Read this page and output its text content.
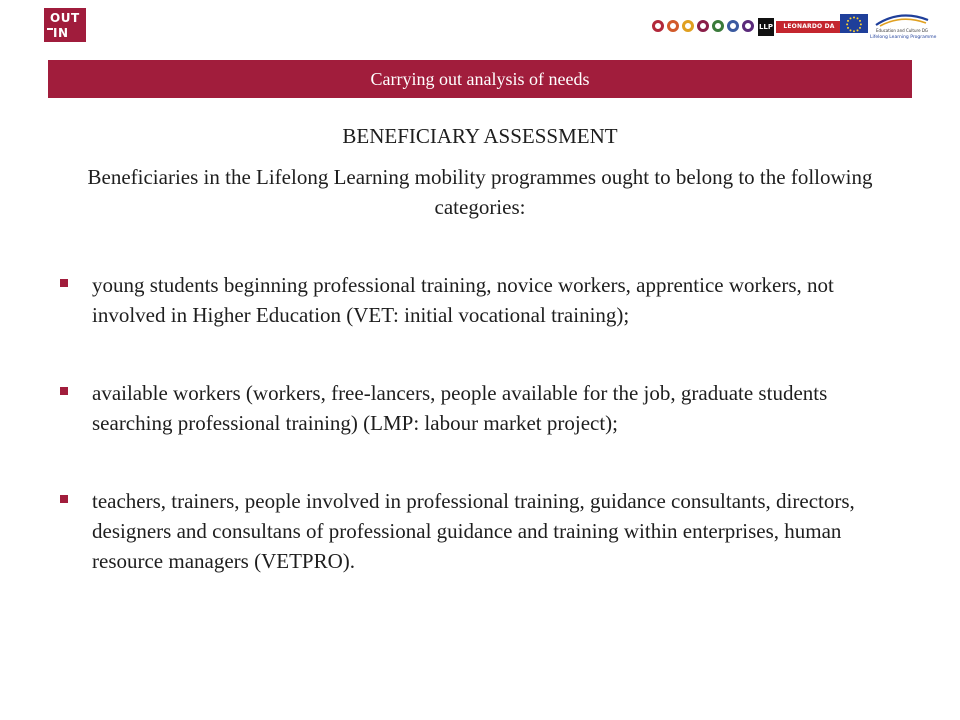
OUT
IN	LLP	LEONARDO DA VINCI
Education and Culture DG
Lifelong Learning Programme
Carrying out analysis of needs
BENEFICIARY ASSESSMENT
Beneficiaries in the Lifelong Learning mobility programmes ought to belong to the following categories:
young students beginning professional training, novice workers, apprentice workers, not involved in Higher Education (VET: initial vocational training);
available workers (workers, free-lancers, people available for the job, graduate students searching professional training) (LMP: labour market project);
teachers, trainers, people involved in professional training, guidance consultants, directors, designers and consultans of professional guidance and training within enterprises, human resource managers (VETPRO).
